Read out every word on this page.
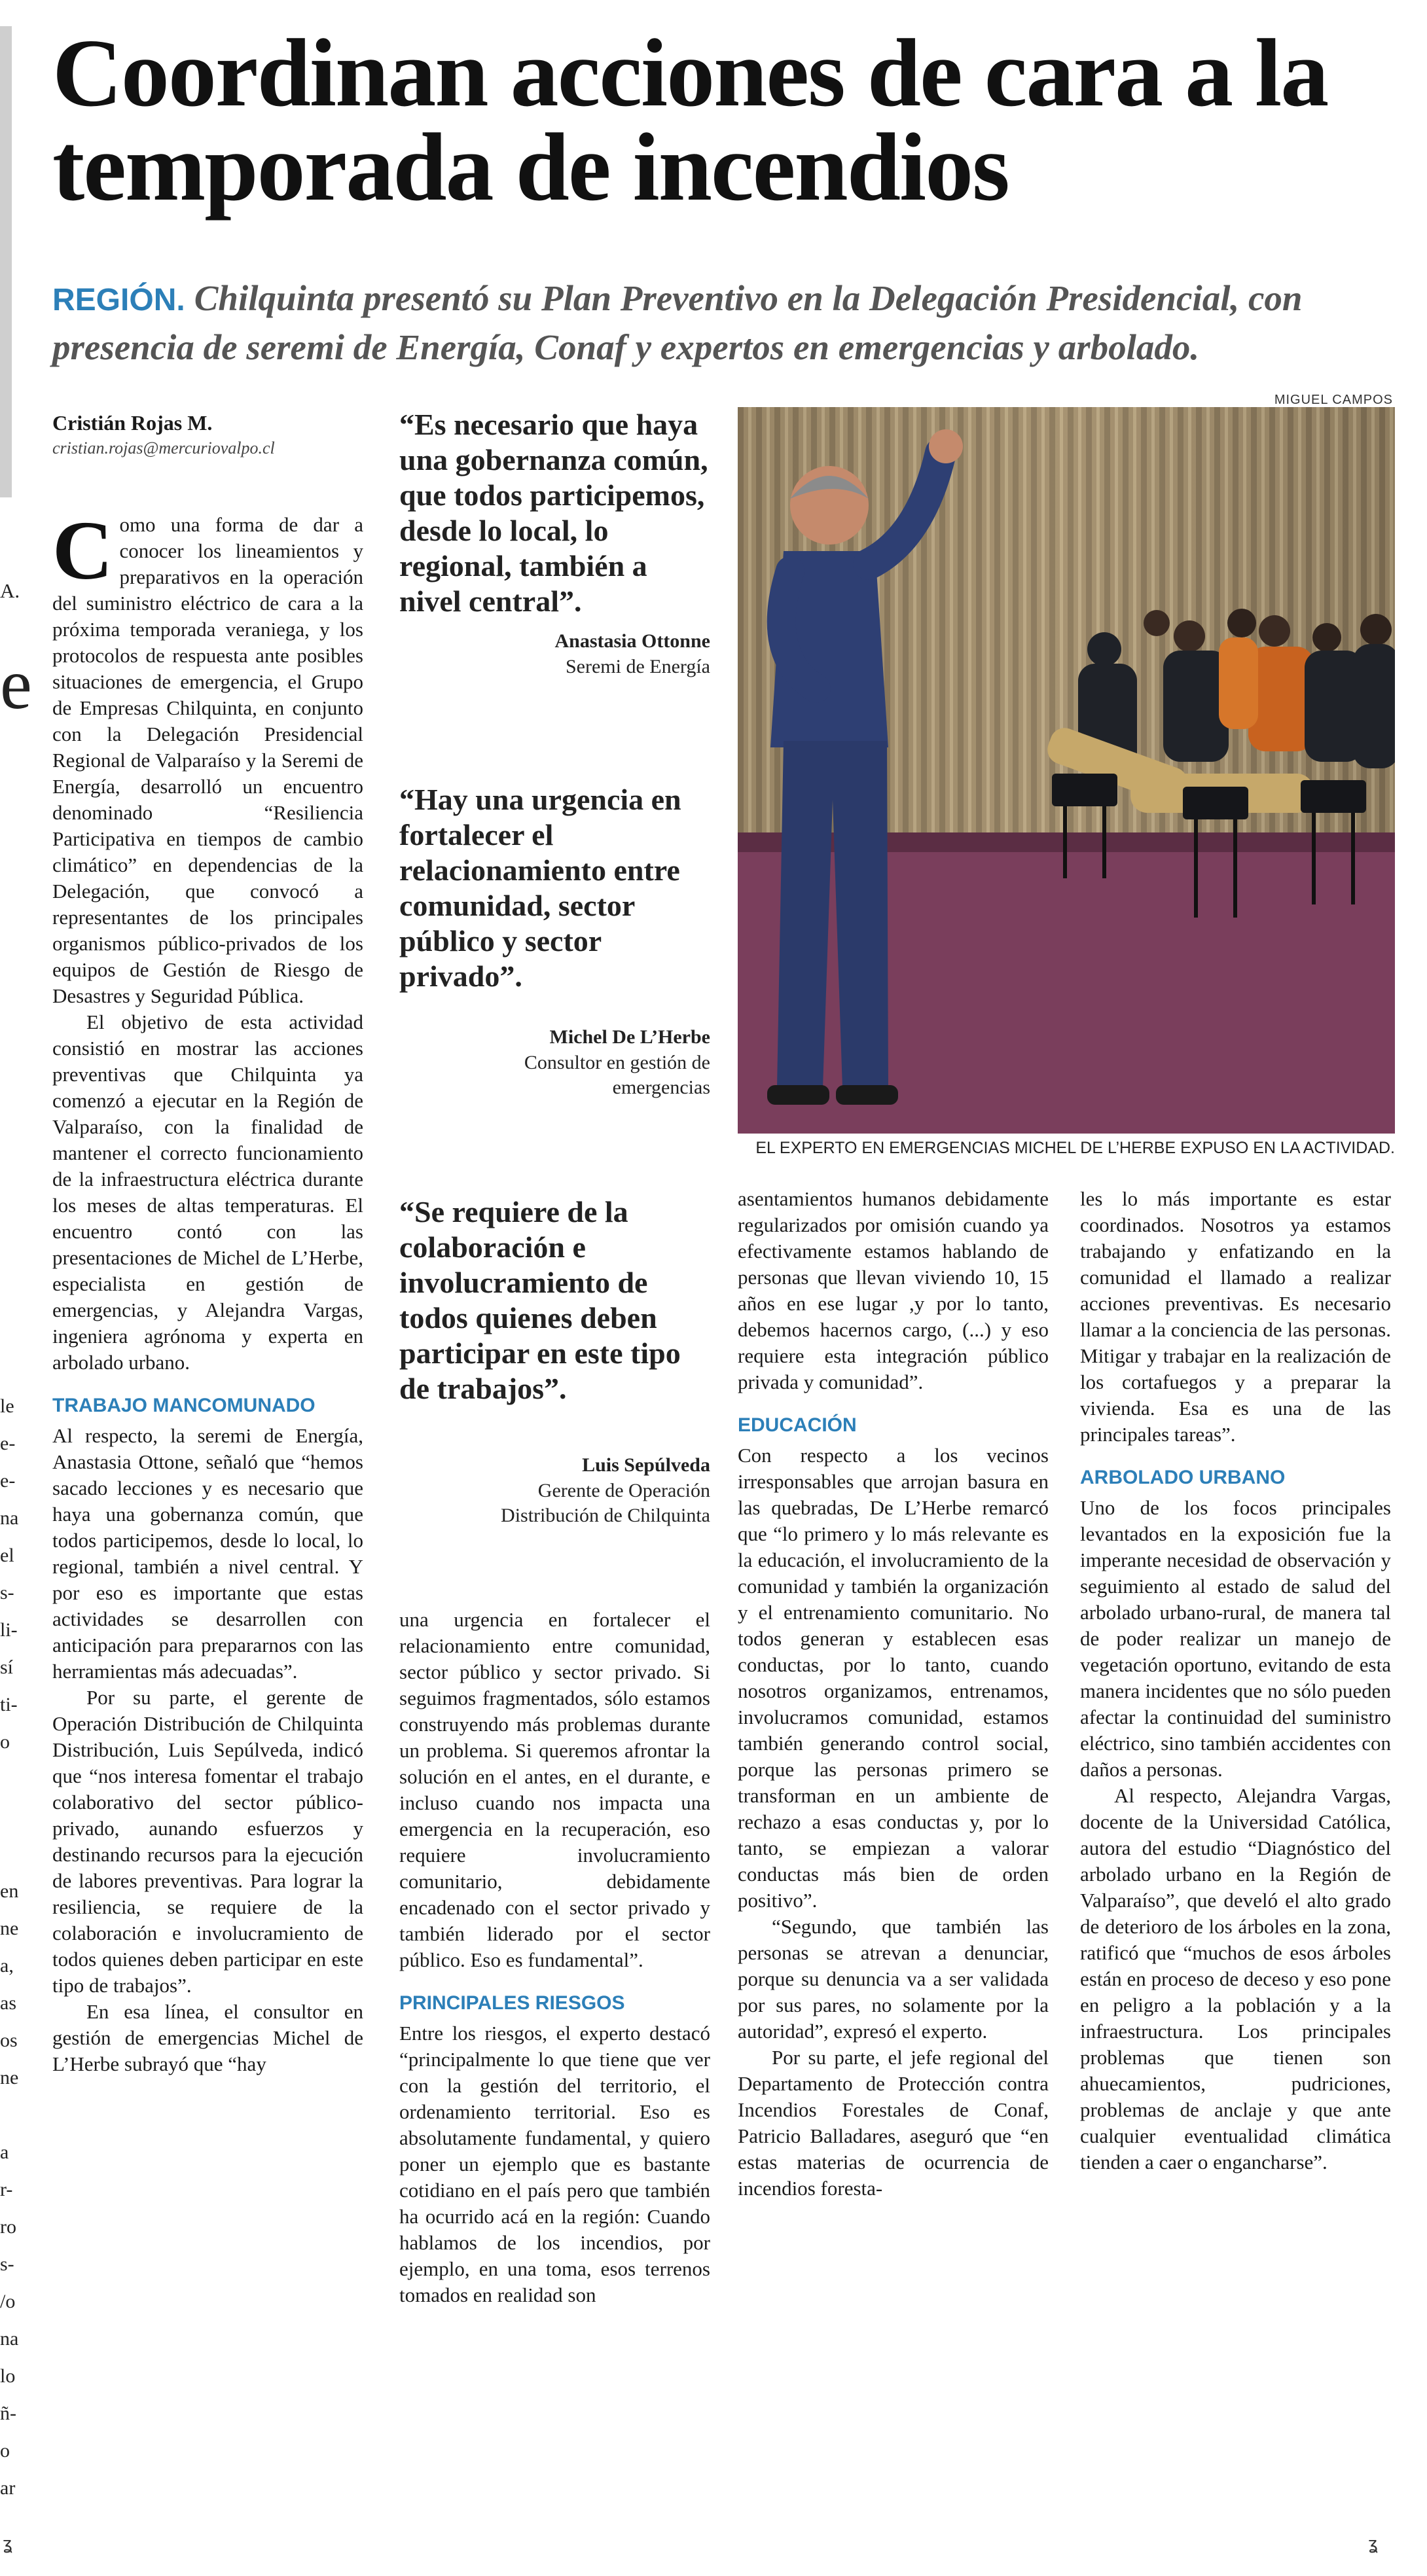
A.

e
le
e-
e-
na
el
s-
li-
sí
ti-
o

en
ne
a,
as
os
ne

a
r-
ro
s-
/o
na
lo
ñ-
o
ar
ʓ
Coordinan acciones de cara a la temporada de incendios
REGIÓN. Chilquinta presentó su Plan Preventivo en la Delegación Presidencial, con presencia de seremi de Energía, Conaf y expertos en emergencias y arbolado.
Cristián Rojas M.
cristian.rojas@mercuriovalpo.cl
MIGUEL CAMPOS
EL EXPERTO EN EMERGENCIAS MICHEL DE L’HERBE EXPUSO EN LA ACTIVIDAD.
“Es necesario que haya una gobernanza común, que todos participemos, desde lo local, lo regional, también a nivel central”.
Anastasia Ottonne
Seremi de Energía
“Hay una urgencia en fortalecer el relacionamiento entre comunidad, sector público y sector privado”.
Michel De L’Herbe
Consultor en gestión de emergencias
“Se requiere de la colaboración e involucramiento de todos quienes deben participar en este tipo de trabajos”.
Luis Sepúlveda
Gerente de Operación Distribución de Chilquinta
C omo una forma de dar a conocer los lineamientos y preparativos en la operación del suministro eléctrico de cara a la próxima temporada veraniega, y los protocolos de respuesta ante posibles situaciones de emergencia, el Grupo de Empresas Chilquinta, en conjunto con la Delegación Presidencial Regional de Valparaíso y la Seremi de Energía, desarrolló un encuentro denominado “Resiliencia Participativa en tiempos de cambio climático” en dependencias de la Delegación, que convocó a representantes de los principales organismos público-privados de los equipos de Gestión de Riesgo de Desastres y Seguridad Pública.

El objetivo de esta actividad consistió en mostrar las acciones preventivas que Chilquinta ya comenzó a ejecutar en la Región de Valparaíso, con la finalidad de mantener el correcto funcionamiento de la infraestructura eléctrica durante los meses de altas temperaturas. El encuentro contó con las presentaciones de Michel de L’Herbe, especialista en gestión de emergencias, y Alejandra Vargas, ingeniera agrónoma y experta en arbolado urbano.

TRABAJO MANCOMUNADO

Al respecto, la seremi de Energía, Anastasia Ottone, señaló que “hemos sacado lecciones y es necesario que haya una gobernanza común, que todos participemos, desde lo local, lo regional, también a nivel central. Y por eso es importante que estas actividades se desarrollen con anticipación para prepararnos con las herramientas más adecuadas”.

Por su parte, el gerente de Operación Distribución de Chilquinta Distribución, Luis Sepúlveda, indicó que “nos interesa fomentar el trabajo colaborativo del sector público-privado, aunando esfuerzos y destinando recursos para la ejecución de labores preventivas. Para lograr la resiliencia, se requiere de la colaboración e involucramiento de todos quienes deben participar en este tipo de trabajos”.

En esa línea, el consultor en gestión de emergencias Michel de L’Herbe subrayó que “hay

una urgencia en fortalecer el relacionamiento entre comunidad, sector público y sector privado. Si seguimos fragmentados, sólo estamos construyendo más problemas durante un problema. Si queremos afrontar la solución en el antes, en el durante, e incluso cuando nos impacta una emergencia en la recuperación, eso requiere involucramiento comunitario, debidamente encadenado con el sector privado y también liderado por el sector público. Eso es fundamental”.

PRINCIPALES RIESGOS

Entre los riesgos, el experto destacó “principalmente lo que tiene que ver con la gestión del territorio, el ordenamiento territorial. Eso es absolutamente fundamental, y quiero poner un ejemplo que es bastante cotidiano en el país pero que también ha ocurrido acá en la región: Cuando hablamos de los incendios, por ejemplo, en una toma, esos terrenos tomados en realidad son

asentamientos humanos debidamente regularizados por omisión cuando ya efectivamente estamos hablando de personas que llevan viviendo 10, 15 años en ese lugar ,y por lo tanto, debemos hacernos cargo, (...) y eso requiere esta integración público privada y comunidad”.

EDUCACIÓN

Con respecto a los vecinos irresponsables que arrojan basura en las quebradas, De L’Herbe remarcó que “lo primero y lo más relevante es la educación, el involucramiento de la comunidad y también la organización y el entrenamiento comunitario. No todos generan y establecen esas conductas, por lo tanto, cuando nosotros organizamos, entrenamos, involucramos comunidad, estamos también generando control social, porque las personas primero se transforman en un ambiente de rechazo a esas conductas y, por lo tanto, se empiezan a valorar conductas más bien de orden positivo”.

“Segundo, que también las personas se atrevan a denunciar, porque su denuncia va a ser validada por sus pares, no solamente por la autoridad”, expresó el experto.

Por su parte, el jefe regional del Departamento de Protección contra Incendios Forestales de Conaf, Patricio Balladares, aseguró que “en estas materias de ocurrencia de incendios foresta-

les lo más importante es estar coordinados. Nosotros ya estamos trabajando y enfatizando en la comunidad el llamado a realizar acciones preventivas. Es necesario llamar a la conciencia de las personas. Mitigar y trabajar en la realización de los cortafuegos y a preparar la vivienda. Esa es una de las principales tareas”.

ARBOLADO URBANO

Uno de los focos principales levantados en la exposición fue la imperante necesidad de observación y seguimiento al estado de salud del arbolado urbano-rural, de manera tal de poder realizar un manejo de vegetación oportuno, evitando de esta manera incidentes que no sólo pueden afectar la continuidad del suministro eléctrico, sino también accidentes con daños a personas.

Al respecto, Alejandra Vargas, docente de la Universidad Católica, autora del estudio “Diagnóstico del arbolado urbano en la Región de Valparaíso”, que develó el alto grado de deterioro de los árboles en la zona, ratificó que “muchos de esos árboles están en proceso de deceso y eso pone en peligro a la población y a la infraestructura. Los principales problemas que tienen son ahuecamientos, pudriciones, problemas de anclaje y que ante cualquier eventualidad climática tienden a caer o engancharse”.

ʓ
